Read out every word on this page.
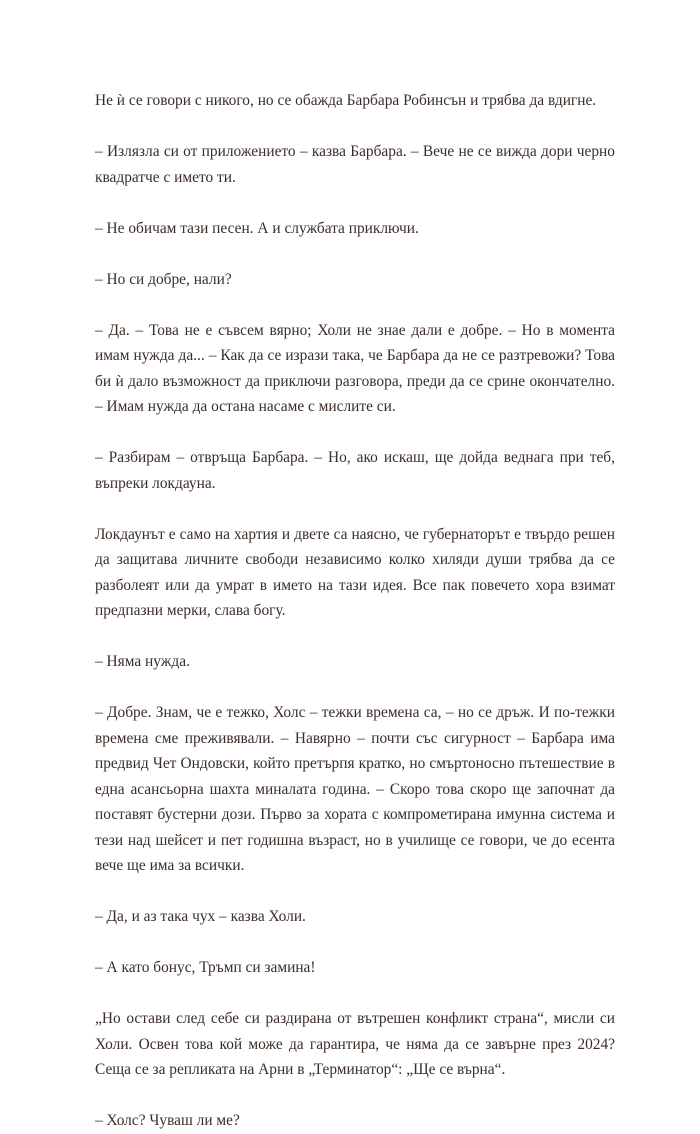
Не ѝ се говори с никого, но се обажда Барбара Робинсън и трябва да вдигне.

– Излязла си от приложението – казва Барбара. – Вече не се вижда дори черно квадратче с името ти.

– Не обичам тази песен. А и службата приключи.

– Но си добре, нали?

– Да. – Това не е съвсем вярно; Холи не знае дали е добре. – Но в момента имам нужда да... – Как да се изрази така, че Барбара да не се разтревожи? Това би ѝ дало възможност да приключи разговора, преди да се срине окончателно. – Имам нужда да остана насаме с мислите си.

– Разбирам – отвръща Барбара. – Но, ако искаш, ще дойда веднага при теб, въпреки локдауна.

Локдаунът е само на хартия и двете са наясно, че губернаторът е твърдо решен да защитава личните свободи независимо колко хиляди души трябва да се разболеят или да умрат в името на тази идея. Все пак повечето хора взимат предпазни мерки, слава богу.

– Няма нужда.

– Добре. Знам, че е тежко, Холс – тежки времена са, – но се дръж. И по-тежки времена сме преживявали. – Навярно – почти със сигурност – Барбара има предвид Чет Ондовски, който претърпя кратко, но смъртоносно пътешествие в една асансьорна шахта миналата година. – Скоро това скоро ще започнат да поставят бустерни дози. Първо за хората с компрометирана имунна система и тези над шейсет и пет годишна възраст, но в училище се говори, че до есента вече ще има за всички.

– Да, и аз така чух – казва Холи.

– А като бонус, Тръмп си замина!

„Но остави след себе си раздирана от вътрешен конфликт страна“, мисли си Холи. Освен това кой може да гарантира, че няма да се завърне през 2024? Сеща се за репликата на Арни в „Терминатор“: „Ще се върна“.

– Холс? Чуваш ли ме?
